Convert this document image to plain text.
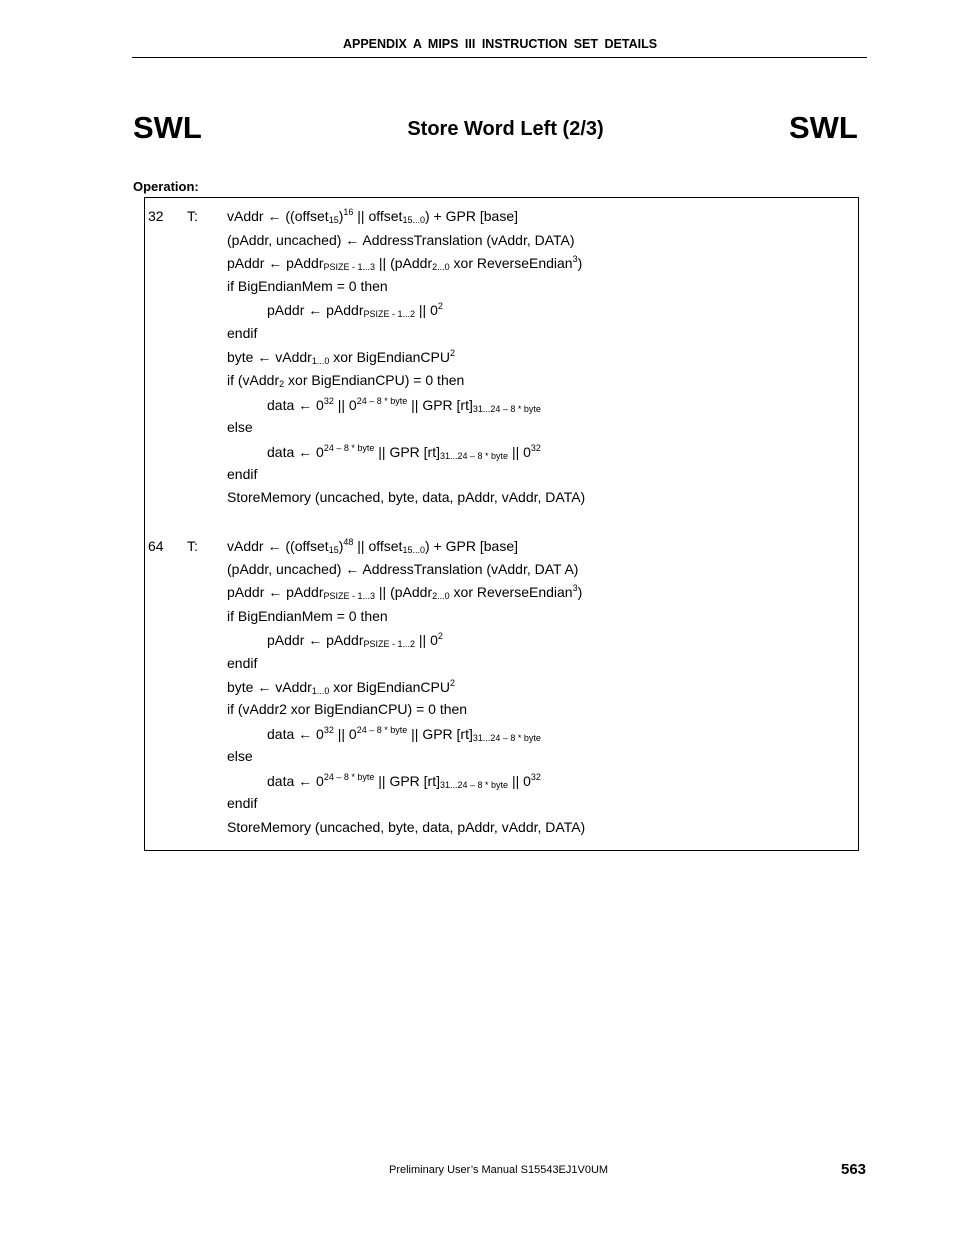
APPENDIX A MIPS III INSTRUCTION SET DETAILS
SWL	Store Word Left (2/3)	SWL
Operation:
32 T: vAddr ← ((offset$_{15}$)$^{16}$ || offset$_{15...0}$) + GPR [base]
(pAddr, uncached) ← AddressTranslation (vAddr, DATA)
pAddr ← pAddr$_{PSIZE - 1...3}$ || (pAddr$_{2...0}$ xor ReverseEndian$^3$)
if BigEndianMem = 0 then
pAddr ← pAddr$_{PSIZE - 1...2}$ || $0^2$
endif
byte ← vAddr$_{1...0}$ xor BigEndianCPU$^2$
if (vAddr$_2$ xor BigEndianCPU) = 0 then
data ← $0^{32}$ || $0^{24 - 8 * byte}$ || GPR $[rt]_{31...24 - 8 * byte}$
else
data ← $0^{24 - 8 * byte}$ || GPR $[rt]_{31...24 - 8 * byte}$ || $0^{32}$
endif
StoreMemory (uncached, byte, data, pAddr, vAddr, DATA)
64 T: vAddr ← ((offset$_{15}$)$^{48}$ || offset$_{15...0}$) + GPR [base]
(pAddr, uncached) ← AddressTranslation (vAddr, DAT A)
pAddr ← pAddr$_{PSIZE - 1...3}$ || (pAddr$_{2...0}$ xor ReverseEndian$^3$)
if BigEndianMem = 0 then
pAddr ← pAddr$_{PSIZE - 1...2}$ || $0^2$
endif
byte ← vAddr$_{1...0}$ xor BigEndianCPU$^2$
if (vAddr2 xor BigEndianCPU) = 0 then
data ← $0^{32}$ || $0^{24 - 8 * byte}$ || GPR $[rt]_{31...24 - 8 * byte}$
else
data ← $0^{24 - 8 * byte}$ || GPR $[rt]_{31...24 - 8 * byte}$ || $0^{32}$
endif
StoreMemory (uncached, byte, data, pAddr, vAddr, DATA)
Preliminary User’s Manual S15543EJ1V0UM	563
